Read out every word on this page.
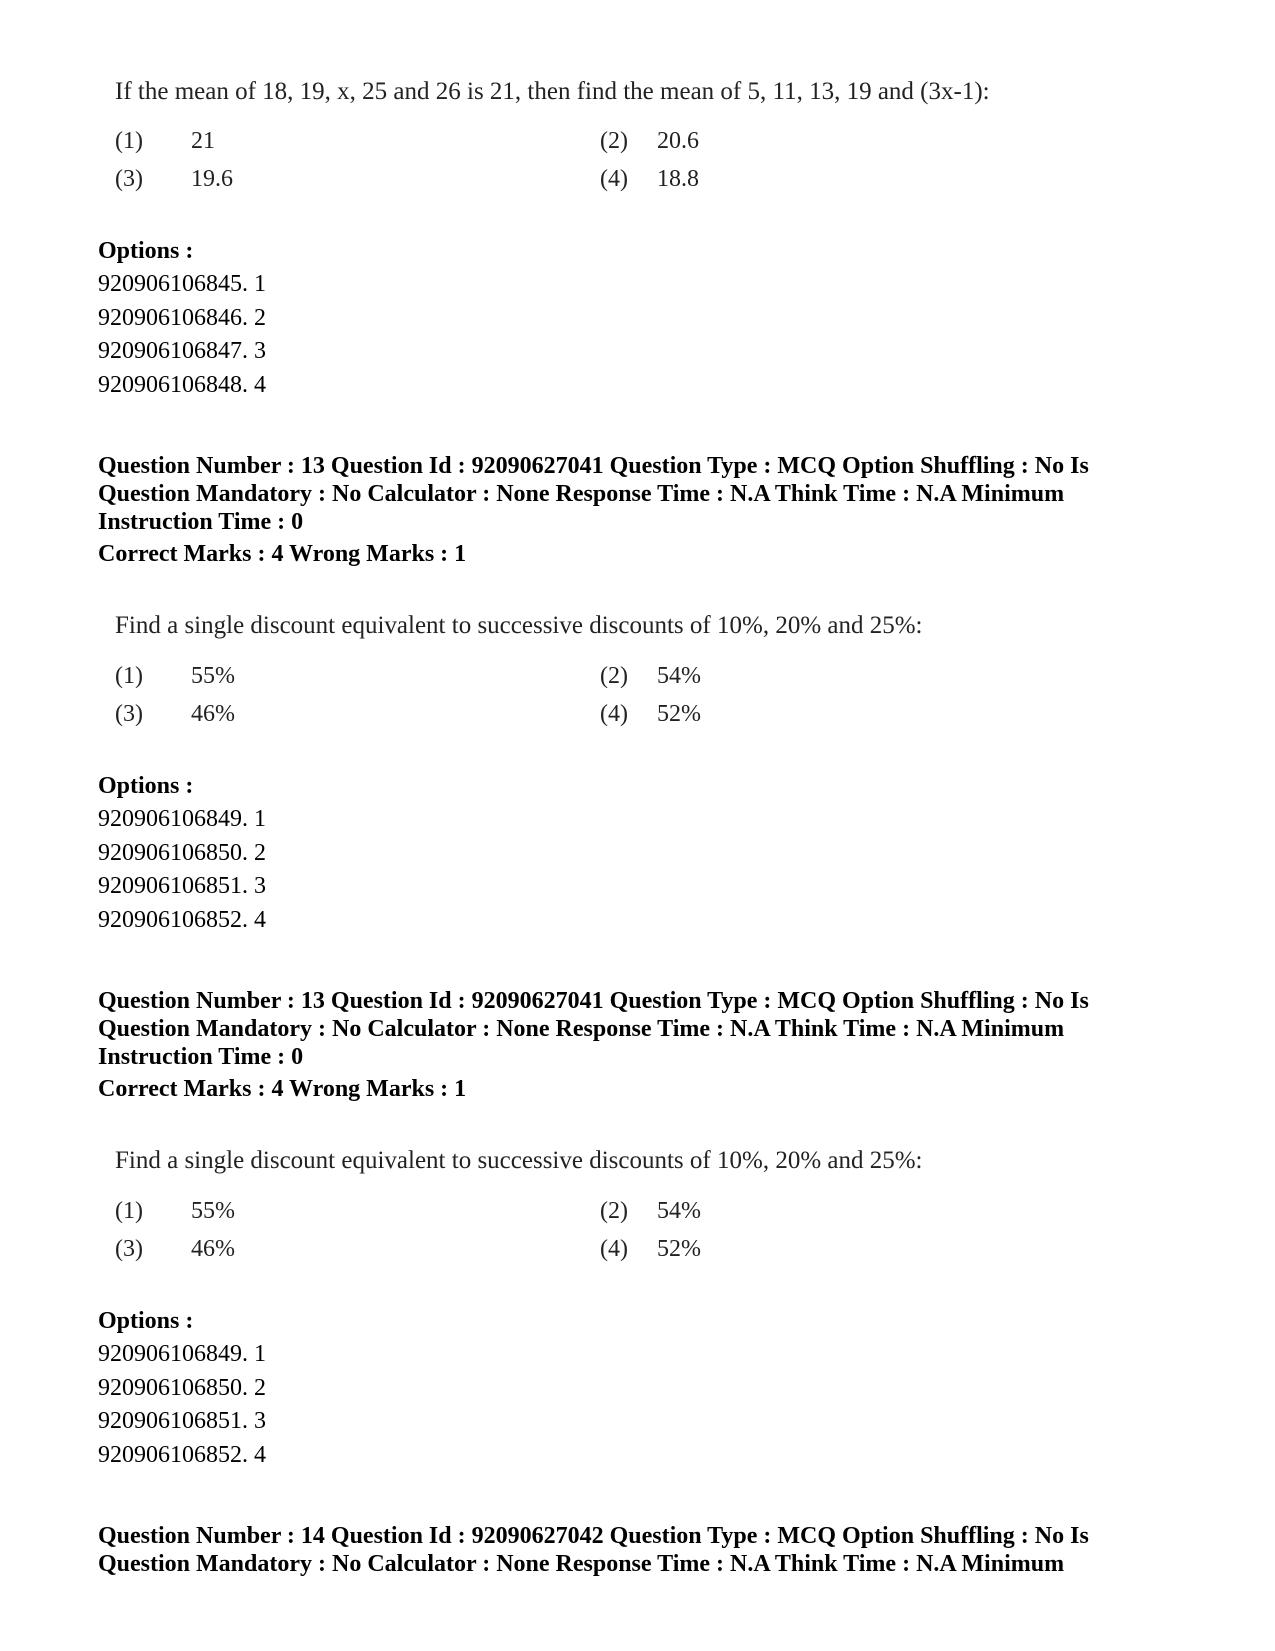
If the mean of 18, 19, x, 25 and 26 is 21, then find the mean of 5, 11, 13, 19 and (3x-1):
(1) 21	(2) 20.6
(3) 19.6	(4) 18.8
Options :
920906106845. 1
920906106846. 2
920906106847. 3
920906106848. 4
Question Number : 13 Question Id : 92090627041 Question Type : MCQ Option Shuffling : No Is
Question Mandatory : No Calculator : None Response Time : N.A Think Time : N.A Minimum
Instruction Time : 0
Correct Marks : 4 Wrong Marks : 1
Find a single discount equivalent to successive discounts of 10%, 20% and 25%:
(1) 55%	(2) 54%
(3) 46%	(4) 52%
Options :
920906106849. 1
920906106850. 2
920906106851. 3
920906106852. 4
Question Number : 13 Question Id : 92090627041 Question Type : MCQ Option Shuffling : No Is
Question Mandatory : No Calculator : None Response Time : N.A Think Time : N.A Minimum
Instruction Time : 0
Correct Marks : 4 Wrong Marks : 1
Find a single discount equivalent to successive discounts of 10%, 20% and 25%:
(1) 55%	(2) 54%
(3) 46%	(4) 52%
Options :
920906106849. 1
920906106850. 2
920906106851. 3
920906106852. 4
Question Number : 14 Question Id : 92090627042 Question Type : MCQ Option Shuffling : No Is
Question Mandatory : No Calculator : None Response Time : N.A Think Time : N.A Minimum
